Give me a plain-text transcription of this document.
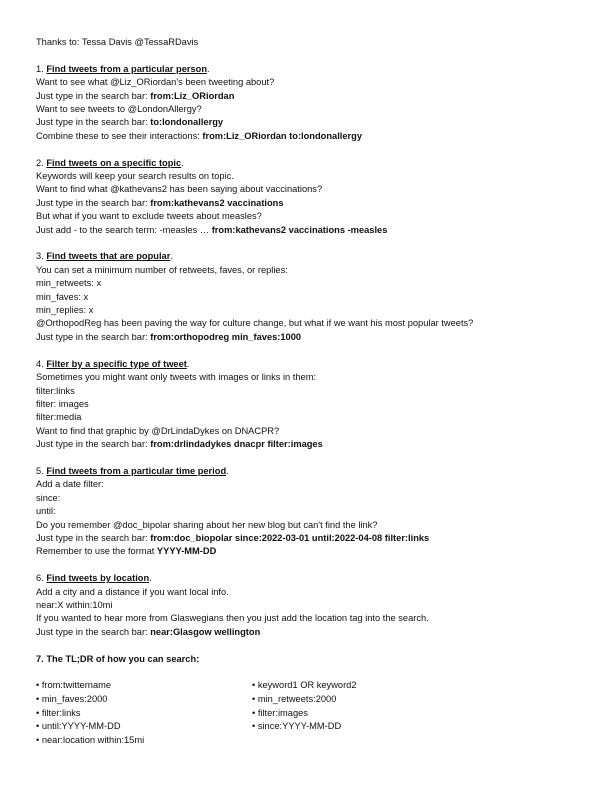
Thanks to: Tessa Davis @TessaRDavis
1. Find tweets from a particular person.
Want to see what @Liz_ORiordan's been tweeting about?
Just type in the search bar: from:Liz_ORiordan
Want to see tweets to @LondonAllergy?
Just type in the search bar: to:londonallergy
Combine these to see their interactions: from:Liz_ORiordan to:londonallergy
2. Find tweets on a specific topic.
Keywords will keep your search results on topic.
Want to find what @kathevans2 has been saying about vaccinations?
Just type in the search bar: from:kathevans2 vaccinations
But what if you want to exclude tweets about measles?
Just add - to the search term: -measles … from:kathevans2 vaccinations -measles
3. Find tweets that are popular.
You can set a minimum number of retweets, faves, or replies:
min_retweets: x
min_faves: x
min_replies: x
@OrthopodReg has been paving the way for culture change, but what if we want his most popular tweets?
Just type in the search bar: from:orthopodreg min_faves:1000
4. Filter by a specific type of tweet.
Sometimes you might want only tweets with images or links in them:
filter:links
filter: images
filter:media
Want to find that graphic by @DrLindaDykes on DNACPR?
Just type in the search bar: from:drlindadykes dnacpr filter:images
5. Find tweets from a particular time period.
Add a date filter:
since:
until:
Do you remember @doc_bipolar sharing about her new blog but can't find the link?
Just type in the search bar: from:doc_biopolar since:2022-03-01 until:2022-04-08 filter:links
Remember to use the format YYYY-MM-DD
6. Find tweets by location.
Add a city and a distance if you want local info.
near:X within:10mi
If you wanted to hear more from Glaswegians then you just add the location tag into the search.
Just type in the search bar: near:Glasgow wellington
7. The TL;DR of how you can search:
• from:twittername
• min_faves:2000
• filter:links
• until:YYYY-MM-DD
• near:location within:15mi
• keyword1 OR keyword2
• min_retweets:2000
• filter:images
• since:YYYY-MM-DD
